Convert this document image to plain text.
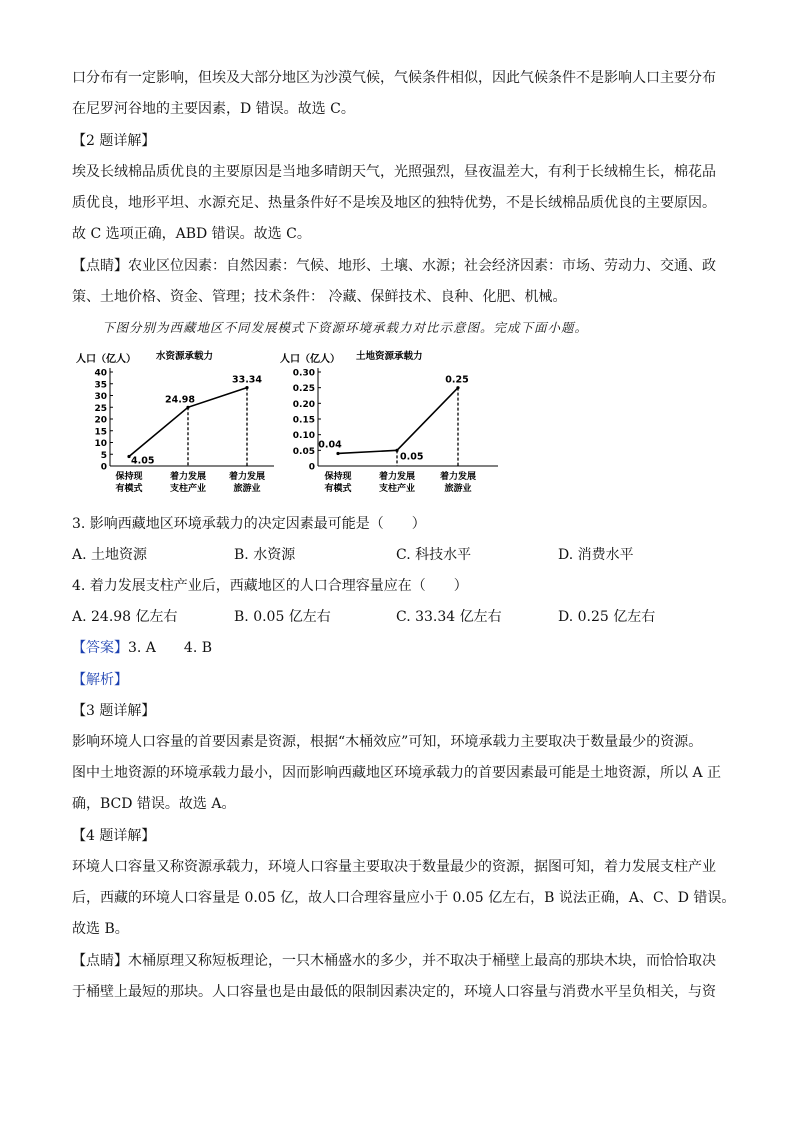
口分布有一定影响，但埃及大部分地区为沙漠气候，气候条件相似，因此气候条件不是影响人口主要分布
在尼罗河谷地的主要因素，D 错误。故选 C。
【2 题详解】
埃及长绒棉品质优良的主要原因是当地多晴朗天气，光照强烈，昼夜温差大，有利于长绒棉生长，棉花品
质优良，地形平坦、水源充足、热量条件好不是埃及地区的独特优势，不是长绒棉品质优良的主要原因。
故 C 选项正确，ABD 错误。故选 C。
【点睛】农业区位因素：自然因素：气候、地形、土壤、水源；社会经济因素：市场、劳动力、交通、政
策、土地价格、资金、管理；技术条件： 冷藏、保鲜技术、良种、化肥、机械。
下图分别为西藏地区不同发展模式下资源环境承载力对比示意图。完成下面小题。
人口（亿人） 水资源承载力
0
5
10
15
20
25
30
35
40
4.05
24.98
33.34
保持现
有模式
着力发展
支柱产业
着力发展
旅游业
人口（亿人） 土地资源承载力
0
0.05
0.10
0.15
0.20
0.25
0.30
0.04
0.05
0.25
保持现
有模式
着力发展
支柱产业
着力发展
旅游业
3. 影响西藏地区环境承载力的决定因素最可能是（　　）
A. 土地资源	B. 水资源	C. 科技水平	D. 消费水平
4. 着力发展支柱产业后，西藏地区的人口合理容量应在（　　）
A. 24.98 亿左右	B. 0.05 亿左右	C. 33.34 亿左右	D. 0.25 亿左右
【答案】3. A　　4. B
【解析】
【3 题详解】
影响环境人口容量的首要因素是资源，根据“木桶效应”可知，环境承载力主要取决于数量最少的资源。
图中土地资源的环境承载力最小，因而影响西藏地区环境承载力的首要因素最可能是土地资源，所以 A 正
确，BCD 错误。故选 A。
【4 题详解】
环境人口容量又称资源承载力，环境人口容量主要取决于数量最少的资源，据图可知，着力发展支柱产业
后，西藏的环境人口容量是 0.05 亿，故人口合理容量应小于 0.05 亿左右，B 说法正确，A、C、D 错误。
故选 B。
【点睛】木桶原理又称短板理论，一只木桶盛水的多少，并不取决于桶壁上最高的那块木块，而恰恰取决
于桶壁上最短的那块。人口容量也是由最低的限制因素决定的，环境人口容量与消费水平呈负相关，与资
